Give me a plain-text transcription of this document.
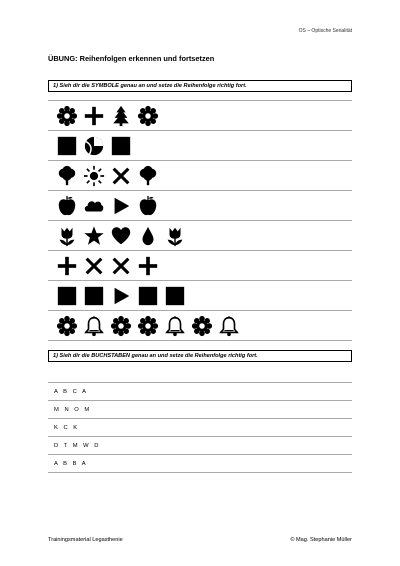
OS – Optische Serialität
ÜBUNG: Reihenfolgen erkennen und fortsetzen
1) Sieh dir die SYMBOLE genau an und setze die Reihenfolge richtig fort.
1) Sieh dir die BUCHSTABEN genau an und setze die Reihenfolge richtig fort.
A B C A
M N O M
K C K
D T M W D
A B B A
Trainingsmaterial Legasthenie	© Mag. Stephanie Müller
